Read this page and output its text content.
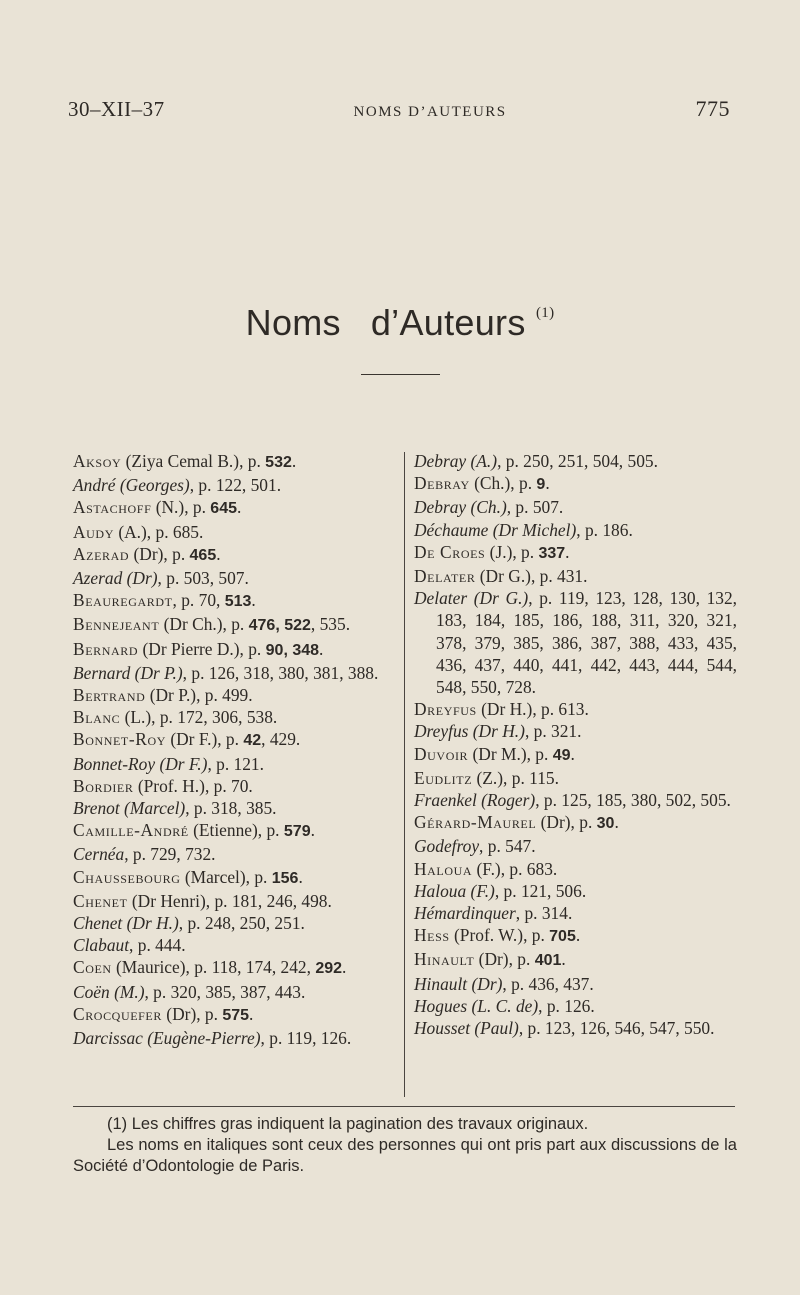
30–XII–37	NOMS D’AUTEURS	775
Noms d’Auteurs $^{(1)}$
Aksoy (Ziya Cemal B.), p. 532.
André (Georges), p. 122, 501.
Astachoff (N.), p. 645.
Audy (A.), p. 685.
Azerad (Dr), p. 465.
Azerad (Dr), p. 503, 507.
Beauregardt, p. 70, 513.
Bennejeant (Dr Ch.), p. 476, 522, 535.
Bernard (Dr Pierre D.), p. 90, 348.
Bernard (Dr P.), p. 126, 318, 380, 381, 388.
Bertrand (Dr P.), p. 499.
Blanc (L.), p. 172, 306, 538.
Bonnet-Roy (Dr F.), p. 42, 429.
Bonnet-Roy (Dr F.), p. 121.
Bordier (Prof. H.), p. 70.
Brenot (Marcel), p. 318, 385.
Camille-André (Etienne), p. 579.
Cernéa, p. 729, 732.
Chaussebourg (Marcel), p. 156.
Chenet (Dr Henri), p. 181, 246, 498.
Chenet (Dr H.), p. 248, 250, 251.
Clabaut, p. 444.
Coen (Maurice), p. 118, 174, 242, 292.
Coën (M.), p. 320, 385, 387, 443.
Crocquefer (Dr), p. 575.
Darcissac (Eugène-Pierre), p. 119, 126.
Debray (A.), p. 250, 251, 504, 505.
Debray (Ch.), p. 9.
Debray (Ch.), p. 507.
Déchaume (Dr Michel), p. 186.
De Croes (J.), p. 337.
Delater (Dr G.), p. 431.
Delater (Dr G.), p. 119, 123, 128, 130, 132, 183, 184, 185, 186, 188, 311, 320, 321, 378, 379, 385, 386, 387, 388, 433, 435, 436, 437, 440, 441, 442, 443, 444, 544, 548, 550, 728.
Dreyfus (Dr H.), p. 613.
Dreyfus (Dr H.), p. 321.
Duvoir (Dr M.), p. 49.
Eudlitz (Z.), p. 115.
Fraenkel (Roger), p. 125, 185, 380, 502, 505.
Gérard-Maurel (Dr), p. 30.
Godefroy, p. 547.
Haloua (F.), p. 683.
Haloua (F.), p. 121, 506.
Hémardinquer, p. 314.
Hess (Prof. W.), p. 705.
Hinault (Dr), p. 401.
Hinault (Dr), p. 436, 437.
Hogues (L. C. de), p. 126.
Housset (Paul), p. 123, 126, 546, 547, 550.

(1) Les chiffres gras indiquent la pagination des travaux originaux.

Les noms en italiques sont ceux des personnes qui ont pris part aux discussions de la Société d’Odontologie de Paris.
